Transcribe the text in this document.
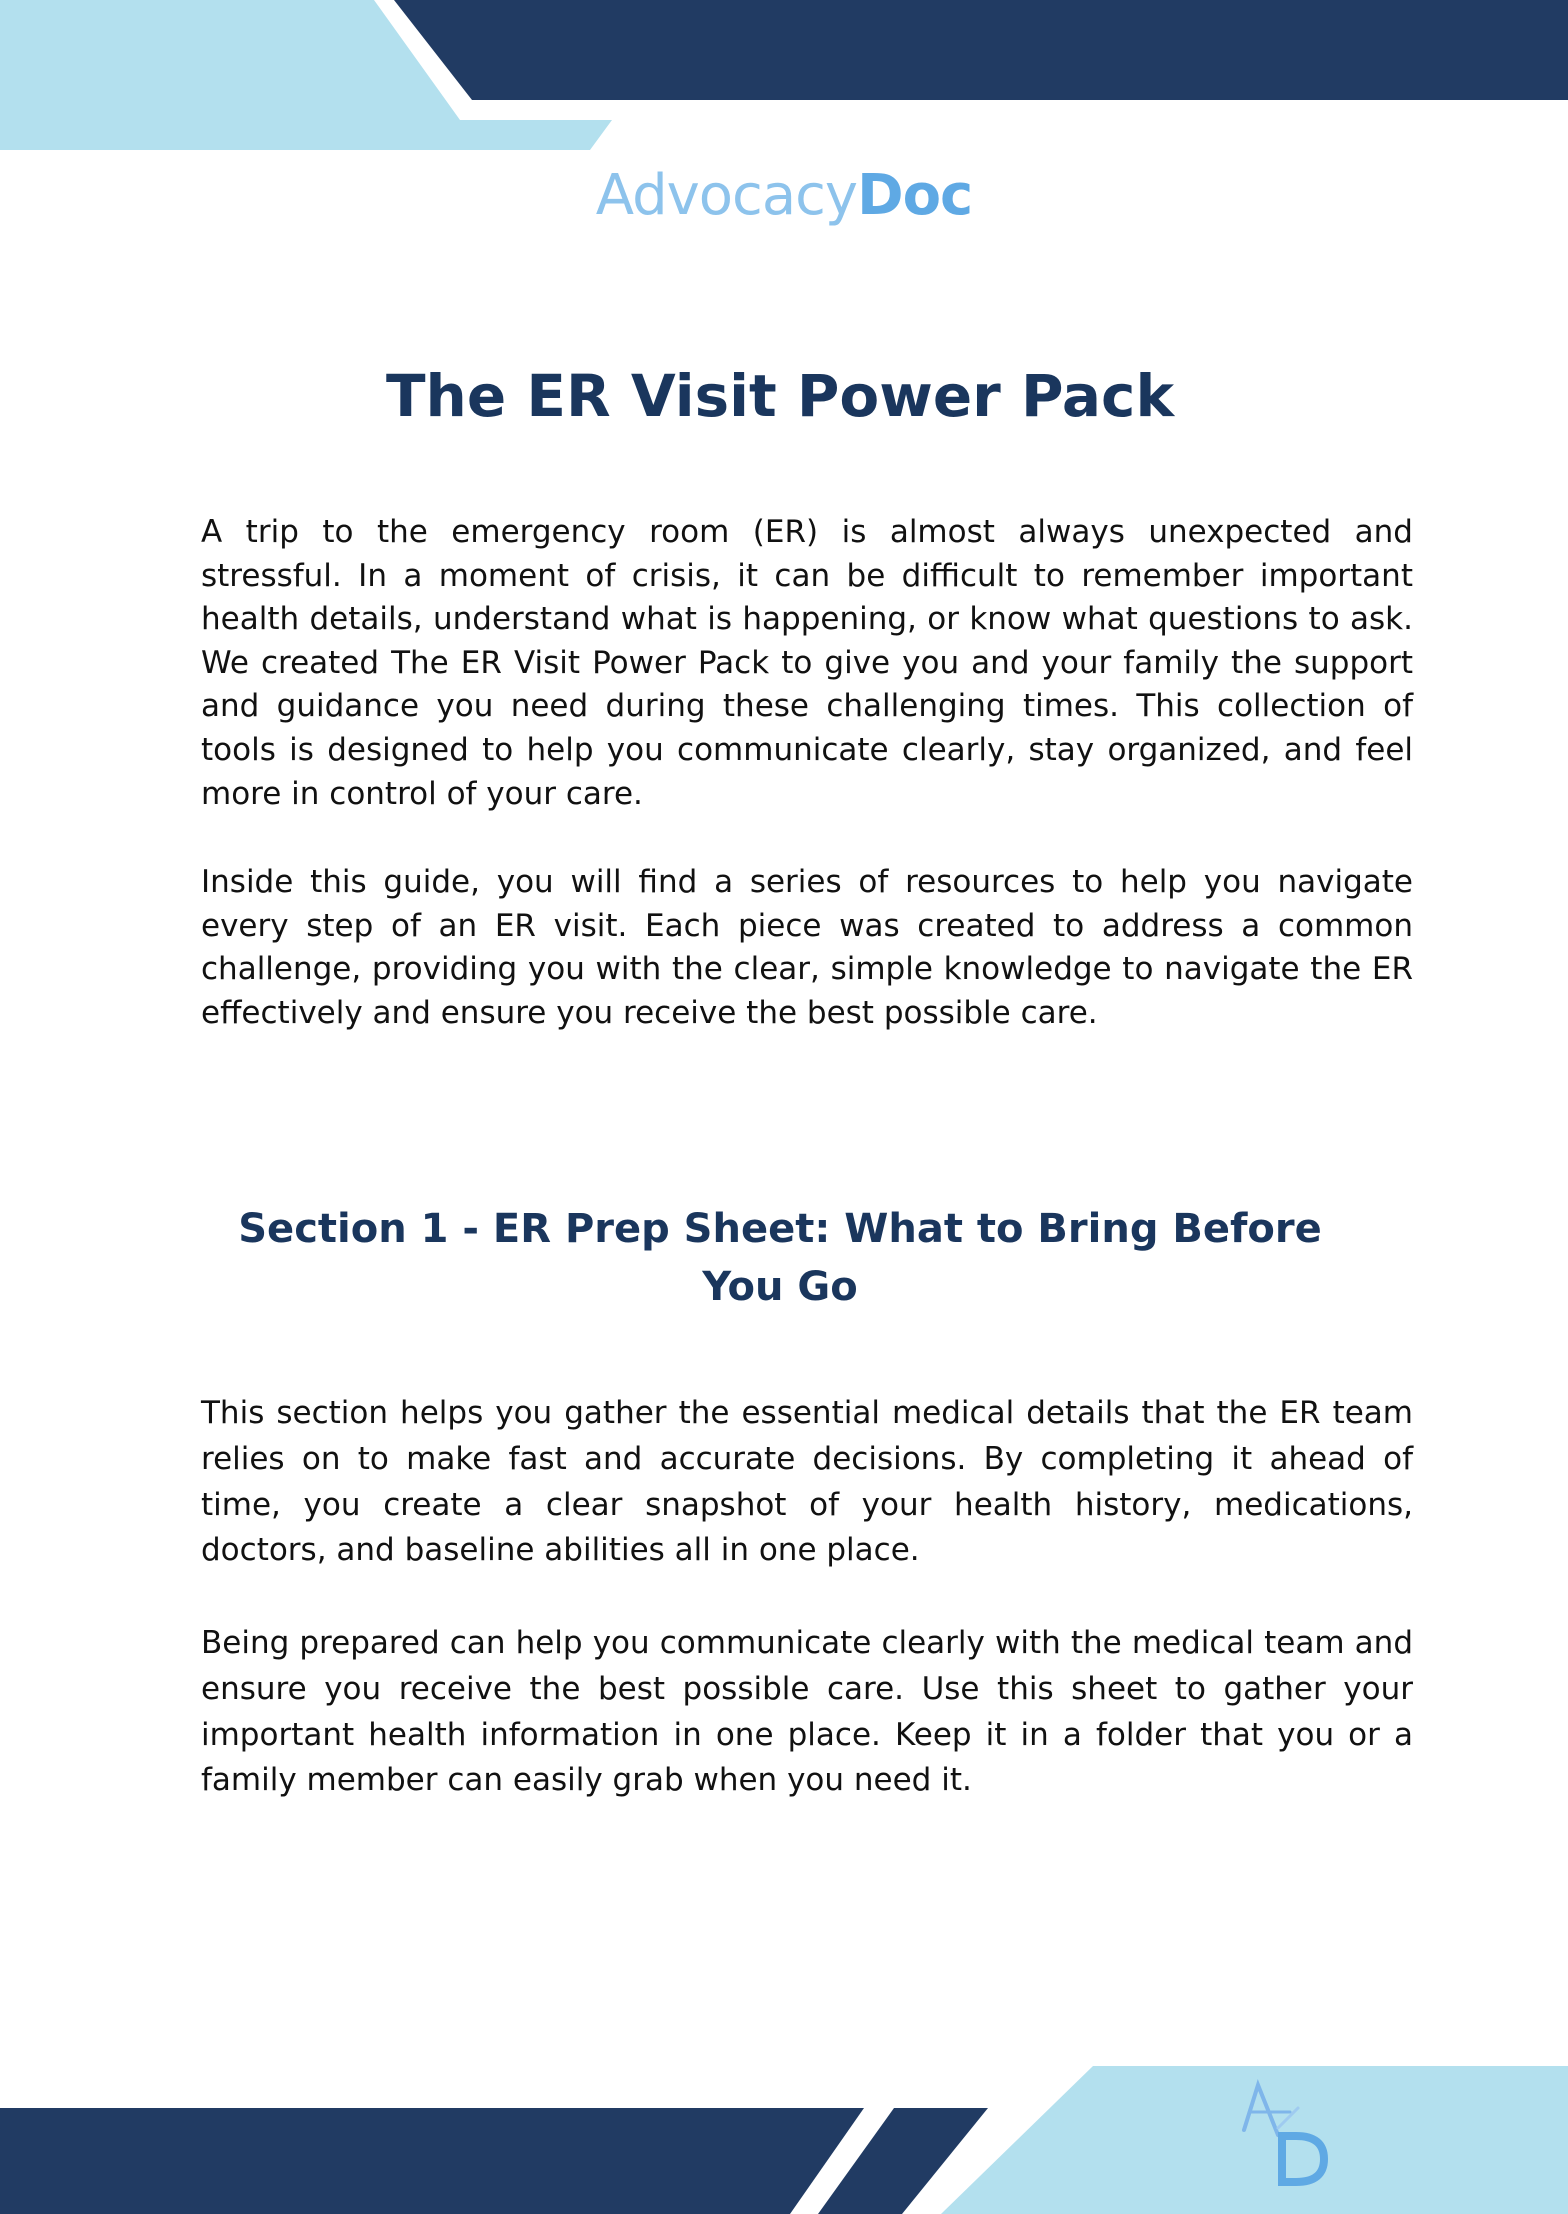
AdvocacyDoc
The ER Visit Power Pack

A trip to the emergency room (ER) is almost always unexpected and stressful. In a moment of crisis, it can be difficult to remember important health details, understand what is happening, or know what questions to ask. We created The ER Visit Power Pack to give you and your family the support and guidance you need during these challenging times. This collection of tools is designed to help you communicate clearly, stay organized, and feel more in control of your care.

Inside this guide, you will find a series of resources to help you navigate every step of an ER visit. Each piece was created to address a common challenge, providing you with the clear, simple knowledge to navigate the ER effectively and ensure you receive the best possible care.

Section 1 - ER Prep Sheet: What to Bring Before You Go

This section helps you gather the essential medical details that the ER team relies on to make fast and accurate decisions. By completing it ahead of time, you create a clear snapshot of your health history, medications, doctors, and baseline abilities all in one place.

Being prepared can help you communicate clearly with the medical team and ensure you receive the best possible care. Use this sheet to gather your important health information in one place. Keep it in a folder that you or a family member can easily grab when you need it.
